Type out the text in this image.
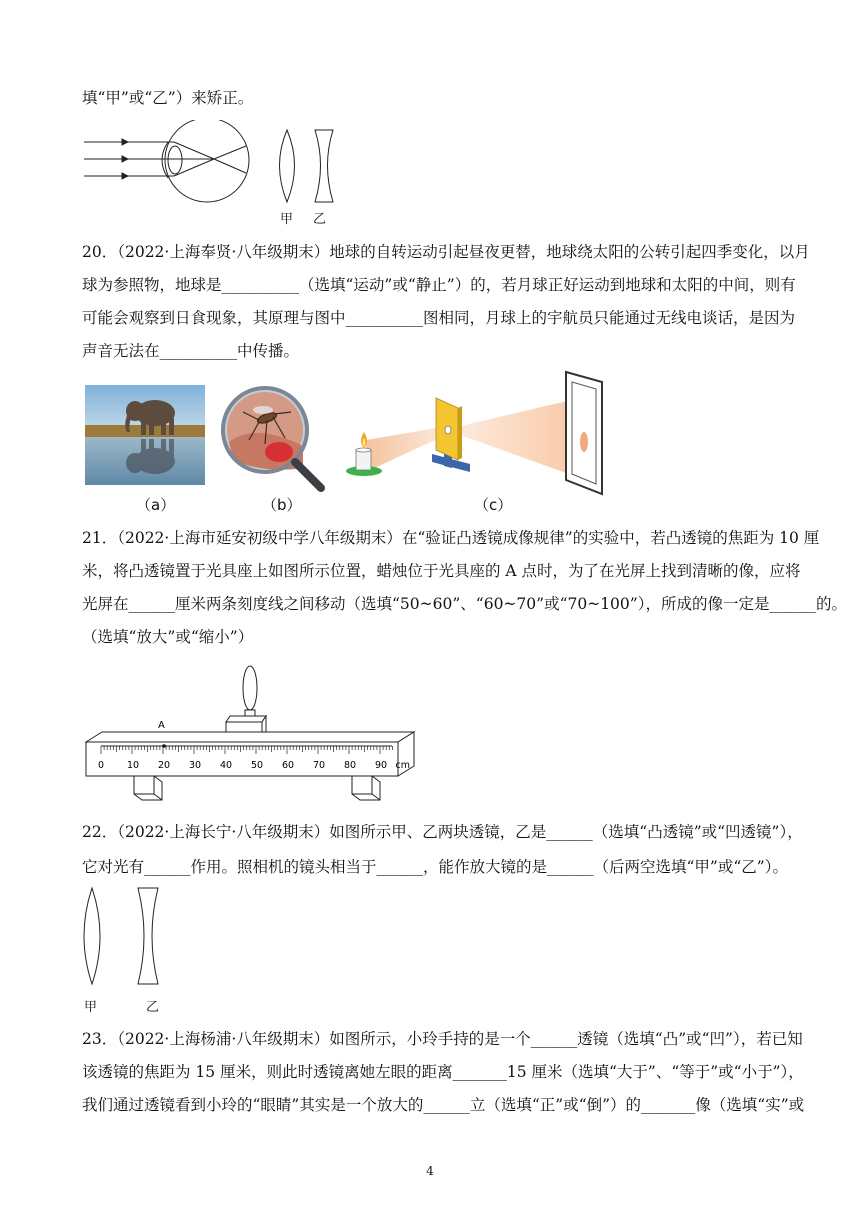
填“甲”或“乙”）来矫正。
甲 乙
20．（2022·上海奉贤·八年级期末）地球的自转运动引起昼夜更替，地球绕太阳的公转引起四季变化，以月
球为参照物，地球是__________（选填“运动”或“静止”）的，若月球正好运动到地球和太阳的中间，则有
可能会观察到日食现象，其原理与图中__________图相同，月球上的宇航员只能通过无线电谈话，是因为
声音无法在__________中传播。
（a）	（b）	（c）
21．（2022·上海市延安初级中学八年级期末）在“验证凸透镜成像规律”的实验中，若凸透镜的焦距为 10 厘
米，将凸透镜置于光具座上如图所示位置，蜡烛位于光具座的 A 点时，为了在光屏上找到清晰的像，应将
光屏在______厘米两条刻度线之间移动（选填“50~60”、“60~70”或“70~100”），所成的像一定是______的。
（选填“放大”或“缩小”）
0 10 20 30 40 50 60 70 80 90 cm
A
22．（2022·上海长宁·八年级期末）如图所示甲、乙两块透镜，乙是______（选填“凸透镜”或“凹透镜”），
它对光有______作用。照相机的镜头相当于______，能作放大镜的是______（后两空选填“甲”或“乙”）。
甲	乙
23．（2022·上海杨浦·八年级期末）如图所示，小玲手持的是一个______透镜（选填“凸”或“凹”），若已知
该透镜的焦距为 15 厘米，则此时透镜离她左眼的距离_______15 厘米（选填“大于”、“等于”或“小于”），
我们通过透镜看到小玲的“眼睛”其实是一个放大的______立（选填“正”或“倒”）的_______像（选填“实”或
4
